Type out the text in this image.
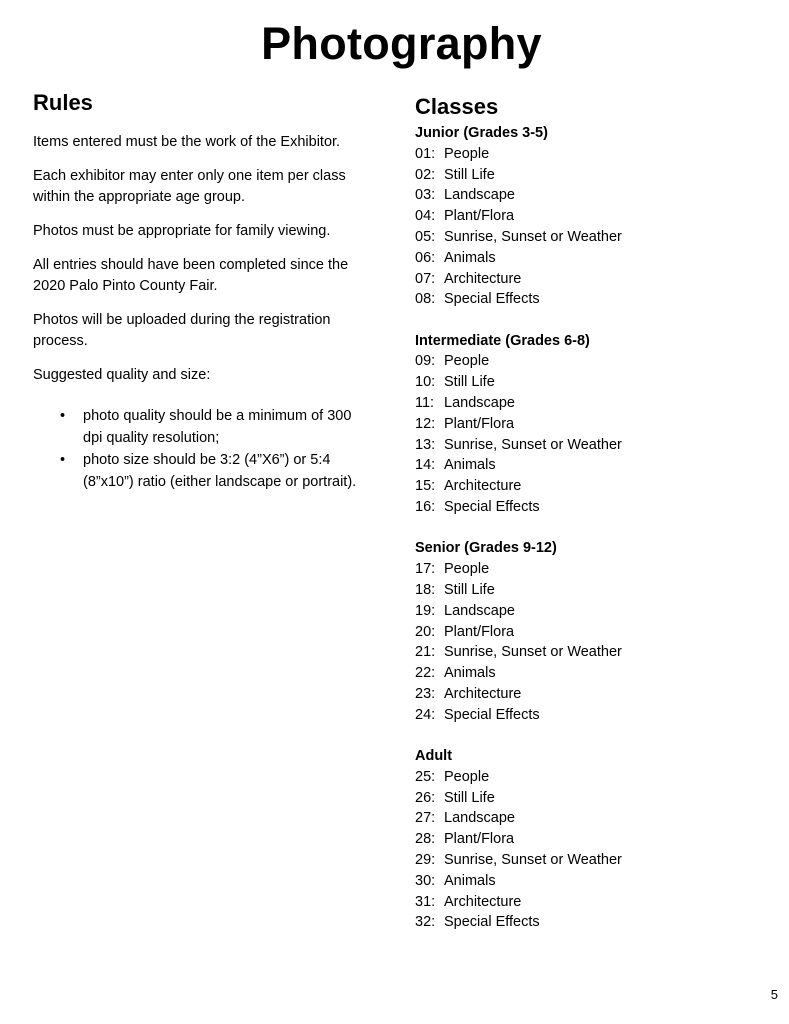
Photography
Rules

Items entered must be the work of the Exhibitor.

Each exhibitor may enter only one item per class within the appropriate age group.

Photos must be appropriate for family viewing.

All entries should have been completed since the 2020 Palo Pinto County Fair.

Photos will be uploaded during the registration process.

Suggested quality and size:

• photo quality should be a minimum of 300 dpi quality resolution;
• photo size should be 3:2 (4”X6”) or 5:4 (8”x10”) ratio (either landscape or portrait).
Classes
Junior (Grades 3-5)
01: People
02: Still Life
03: Landscape
04: Plant/Flora
05: Sunrise, Sunset or Weather
06: Animals
07: Architecture
08: Special Effects
Intermediate (Grades 6-8)
09: People
10: Still Life
11: Landscape
12: Plant/Flora
13: Sunrise, Sunset or Weather
14: Animals
15: Architecture
16: Special Effects
Senior (Grades 9-12)
17: People
18: Still Life
19: Landscape
20: Plant/Flora
21: Sunrise, Sunset or Weather
22: Animals
23: Architecture
24: Special Effects
Adult
25: People
26: Still Life
27: Landscape
28: Plant/Flora
29: Sunrise, Sunset or Weather
30: Animals
31: Architecture
32: Special Effects
5
